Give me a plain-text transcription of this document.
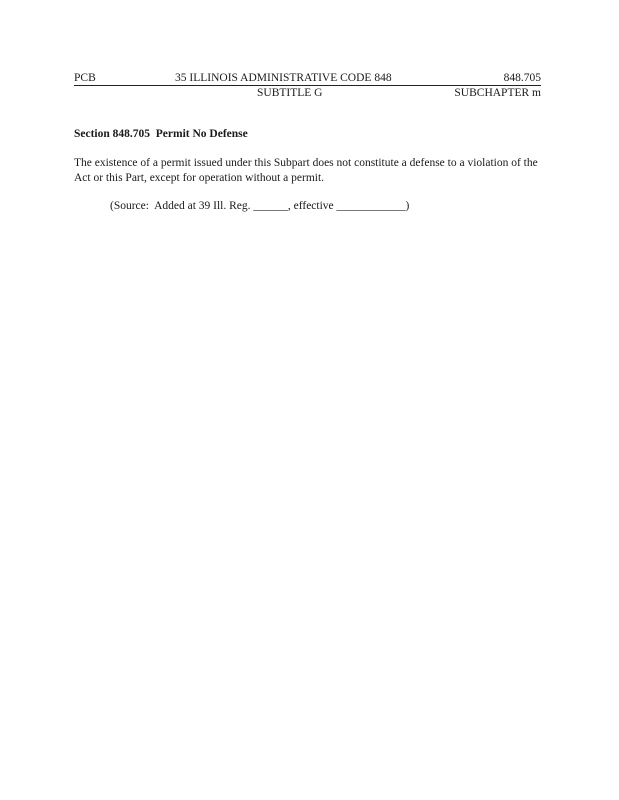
PCB	35 ILLINOIS ADMINISTRATIVE CODE 848	848.705
SUBTITLE G	SUBCHAPTER m
Section 848.705  Permit No Defense

The existence of a permit issued under this Subpart does not constitute a defense to a violation of the Act or this Part, except for operation without a permit.

(Source:  Added at 39 Ill. Reg. ______, effective ____________)
